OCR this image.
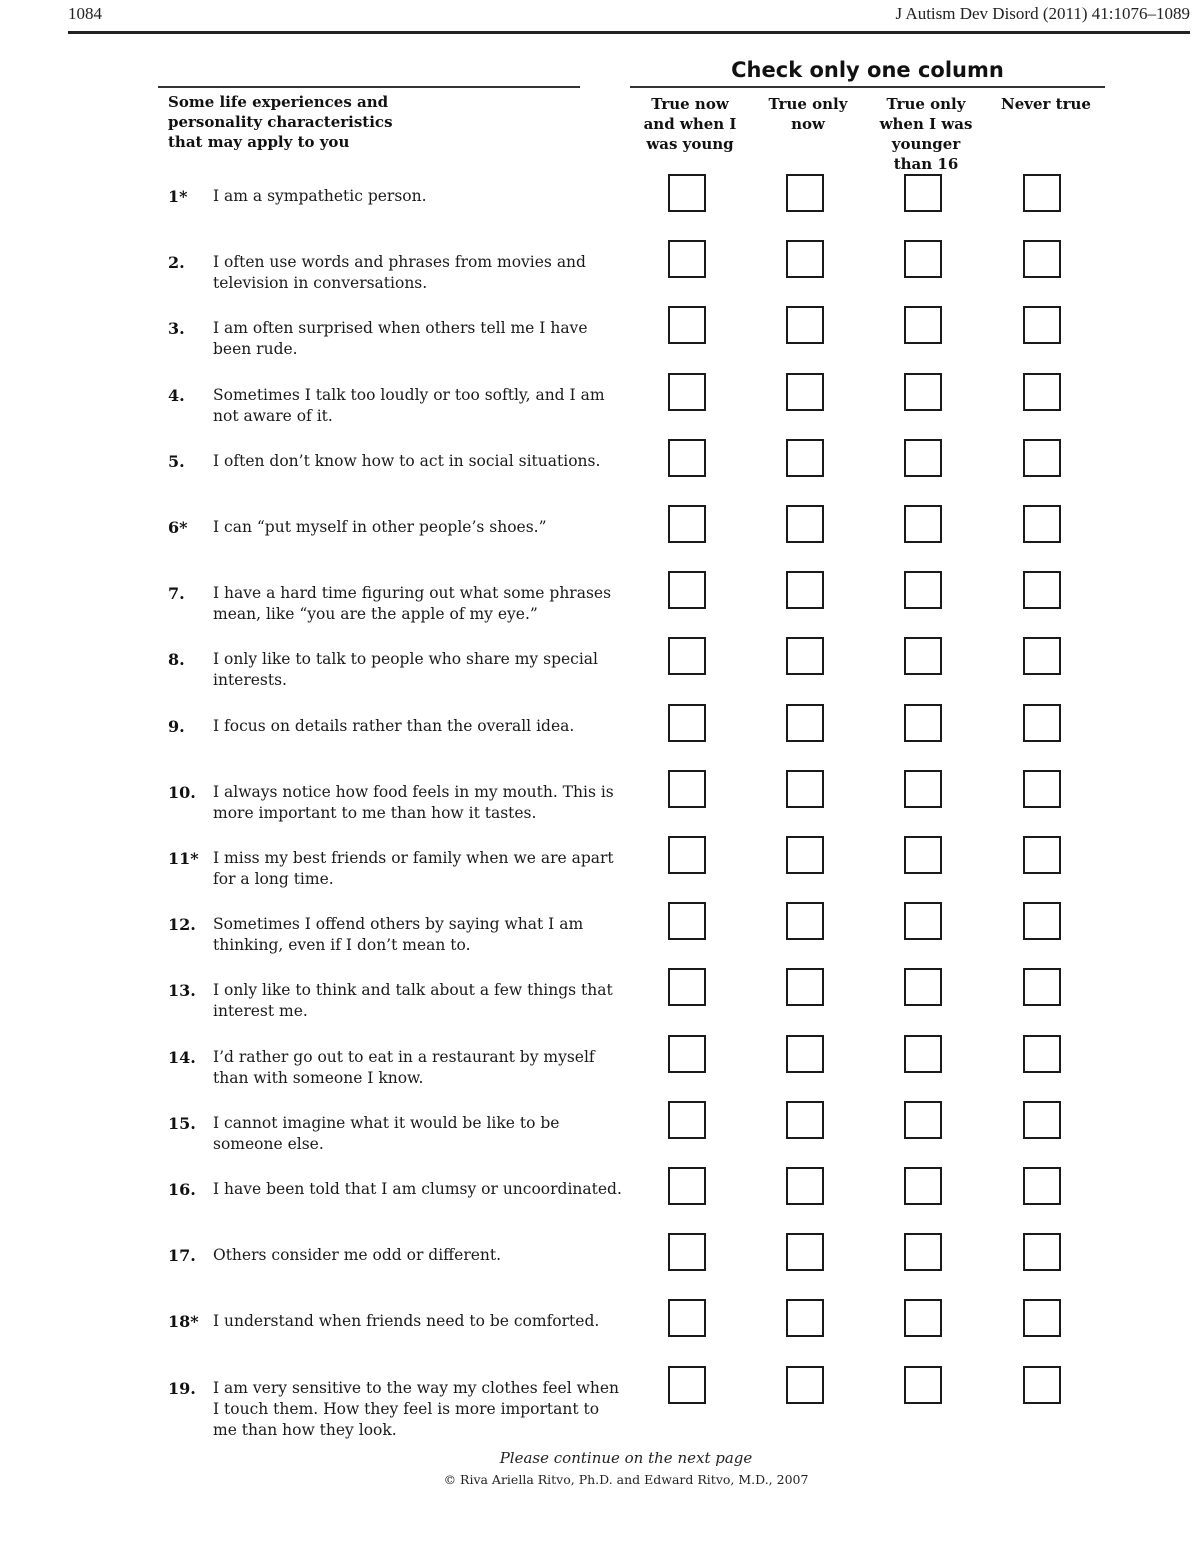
1084	J Autism Dev Disord (2011) 41:1076–1089
Check only one column
Some life experiences and
personality characteristics
that may apply to you
True now
and when I
was young
True only
now
True only
when I was
younger
than 16
Never true
1* I am a sympathetic person.
2. I often use words and phrases from movies and television in conversations.
3. I am often surprised when others tell me I have been rude.
4. Sometimes I talk too loudly or too softly, and I am not aware of it.
5. I often don’t know how to act in social situations.
6* I can “put myself in other people’s shoes.”
7. I have a hard time figuring out what some phrases mean, like “you are the apple of my eye.”
8. I only like to talk to people who share my special interests.
9. I focus on details rather than the overall idea.
10. I always notice how food feels in my mouth. This is more important to me than how it tastes.
11* I miss my best friends or family when we are apart for a long time.
12. Sometimes I offend others by saying what I am thinking, even if I don’t mean to.
13. I only like to think and talk about a few things that interest me.
14. I’d rather go out to eat in a restaurant by myself than with someone I know.
15. I cannot imagine what it would be like to be someone else.
16. I have been told that I am clumsy or uncoordinated.
17. Others consider me odd or different.
18* I understand when friends need to be comforted.
19. I am very sensitive to the way my clothes feel when I touch them. How they feel is more important to me than how they look.
Please continue on the next page
© Riva Ariella Ritvo, Ph.D. and Edward Ritvo, M.D., 2007
